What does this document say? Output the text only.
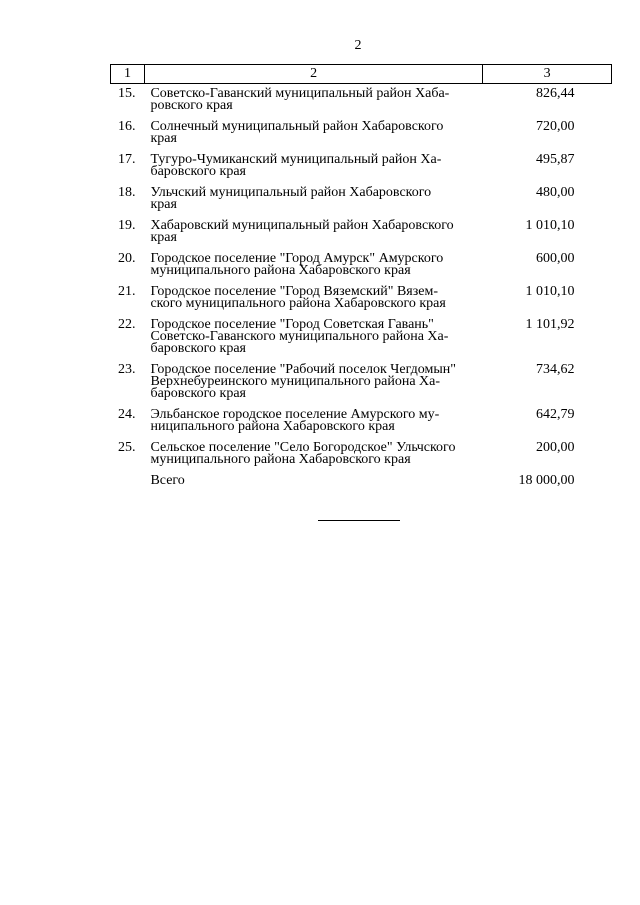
2
1	2	3
15.	Советско-Гаванский муниципальный район Хаба-
ровского края	826,44
16.	Солнечный муниципальный район Хабаровского
края	720,00
17.	Тугуро-Чумиканский муниципальный район Ха-
баровского края	495,87
18.	Ульчский муниципальный район Хабаровского
края	480,00
19.	Хабаровский муниципальный район Хабаровского
края	1 010,10
20.	Городское поселение "Город Амурск" Амурского
муниципального района Хабаровского края	600,00
21.	Городское поселение "Город Вяземский" Вязем-
ского муниципального района Хабаровского края	1 010,10
22.	Городское поселение "Город Советская Гавань"
Советско-Гаванского муниципального района Ха-
баровского края	1 101,92
23.	Городское поселение "Рабочий поселок Чегдомын"
Верхнебуреинского муниципального района Ха-
баровского края	734,62
24.	Эльбанское городское поселение Амурского му-
ниципального района Хабаровского края	642,79
25.	Сельское поселение "Село Богородское" Ульчского
муниципального района Хабаровского края	200,00
	Всего	18 000,00
